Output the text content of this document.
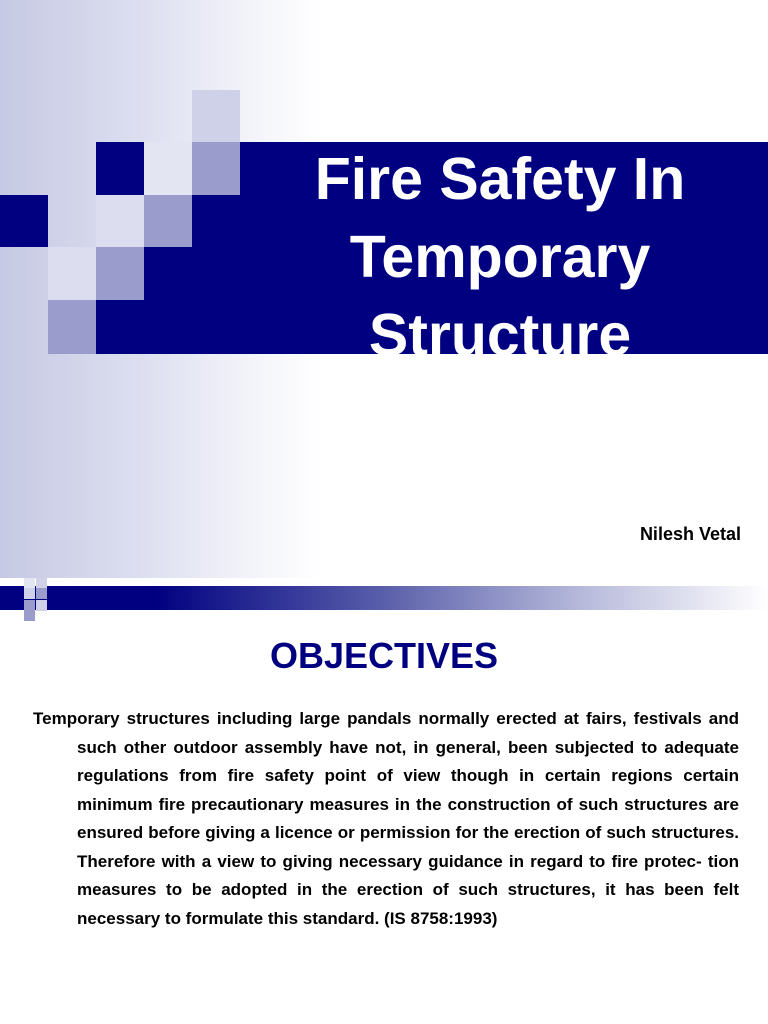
Fire Safety In
Temporary
Structure
Nilesh Vetal
OBJECTIVES

Temporary structures including large pandals normally erected at fairs, festivals and such other outdoor assembly have not, in general, been subjected to adequate regulations from fire safety point of view though in certain regions certain minimum fire precautionary measures in the construction of such structures are ensured before giving a licence or permission for the erection of such structures. Therefore with a view to giving necessary guidance in regard to fire protec- tion measures to be adopted in the erection of such structures, it has been felt necessary to formulate this standard. (IS 8758:1993)
